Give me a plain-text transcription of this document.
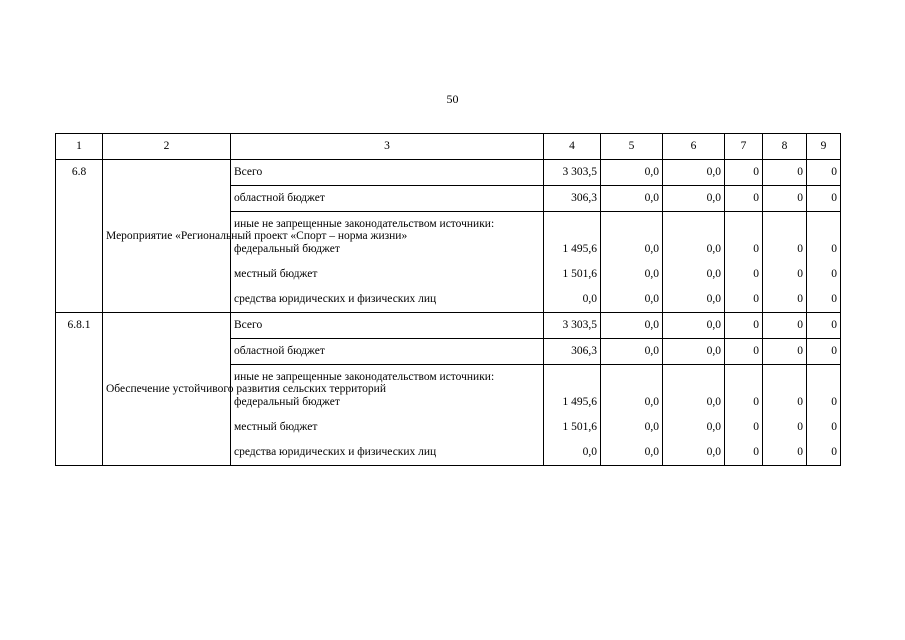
50
1	2	3	4	5	6	7	8	9
6.8	Мероприятие «Региональный проект «Спорт – норма жизни»	Всего	3 303,5	0,0	0,0	0	0	0
		областной бюджет	306,3	0,0	0,0	0	0	0
		иные не запрещенные законодательством источники:						
		федеральный бюджет	1 495,6	0,0	0,0	0	0	0
		местный бюджет	1 501,6	0,0	0,0	0	0	0
		средства юридических и физических лиц	0,0	0,0	0,0	0	0	0
6.8.1	Обеспечение устойчивого развития сельских территорий	Всего	3 303,5	0,0	0,0	0	0	0
		областной бюджет	306,3	0,0	0,0	0	0	0
		иные не запрещенные законодательством источники:						
		федеральный бюджет	1 495,6	0,0	0,0	0	0	0
		местный бюджет	1 501,6	0,0	0,0	0	0	0
		средства юридических и физических лиц	0,0	0,0	0,0	0	0	0
